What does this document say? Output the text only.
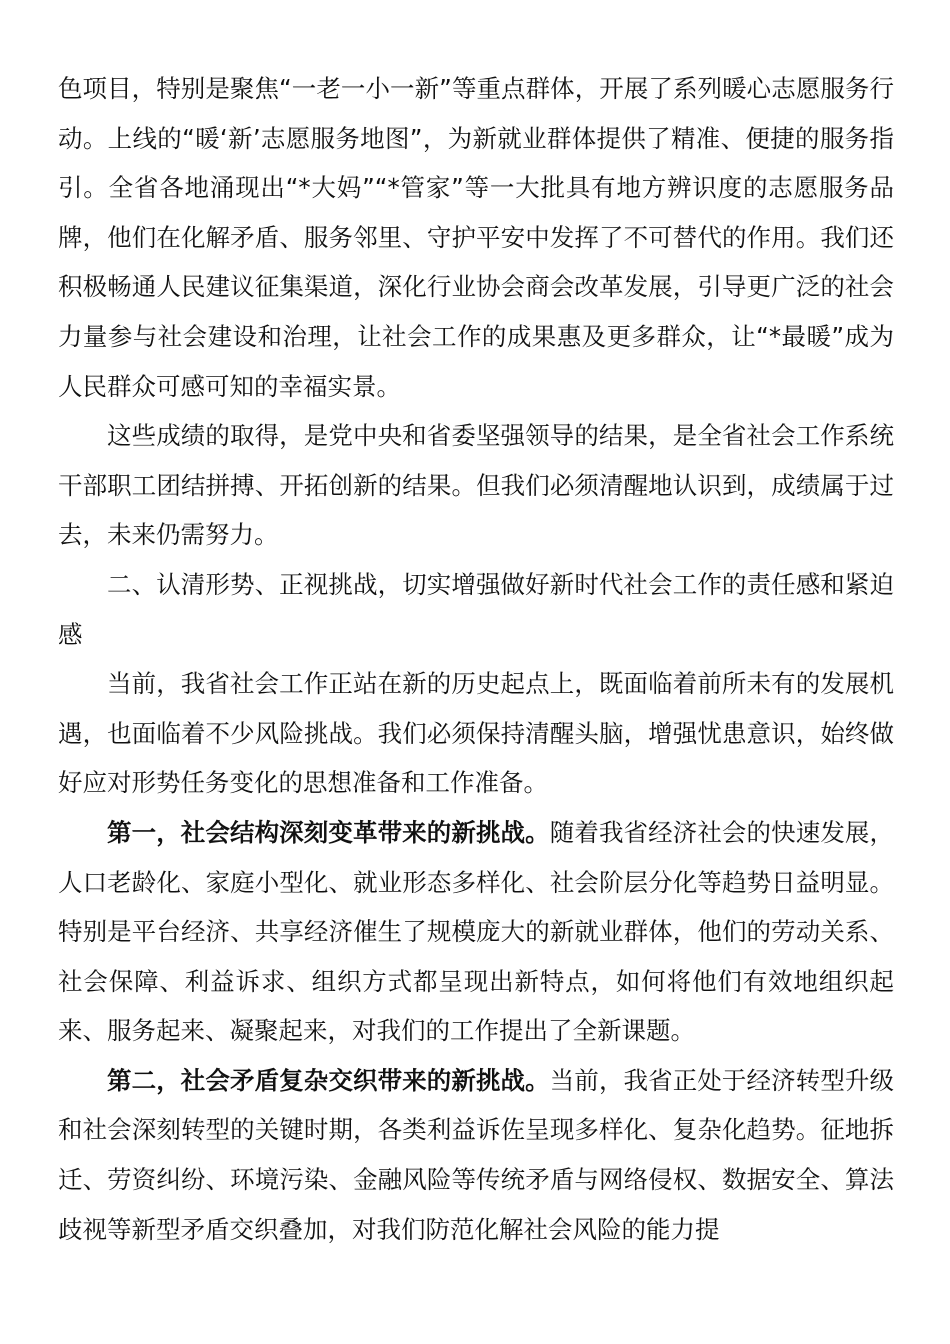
色项目，特别是聚焦“一老一小一新”等重点群体，开展了系列暖心志愿服务行动。上线的“暖‘新’志愿服务地图”，为新就业群体提供了精准、便捷的服务指引。全省各地涌现出“*大妈”“*管家”等一大批具有地方辨识度的志愿服务品牌，他们在化解矛盾、服务邻里、守护平安中发挥了不可替代的作用。我们还积极畅通人民建议征集渠道，深化行业协会商会改革发展，引导更广泛的社会力量参与社会建设和治理，让社会工作的成果惠及更多群众，让“*最暖”成为人民群众可感可知的幸福实景。

这些成绩的取得，是党中央和省委坚强领导的结果，是全省社会工作系统干部职工团结拼搏、开拓创新的结果。但我们必须清醒地认识到，成绩属于过去，未来仍需努力。

二、认清形势、正视挑战，切实增强做好新时代社会工作的责任感和紧迫感

当前，我省社会工作正站在新的历史起点上，既面临着前所未有的发展机遇，也面临着不少风险挑战。我们必须保持清醒头脑，增强忧患意识，始终做好应对形势任务变化的思想准备和工作准备。

第一，社会结构深刻变革带来的新挑战。随着我省经济社会的快速发展，人口老龄化、家庭小型化、就业形态多样化、社会阶层分化等趋势日益明显。特别是平台经济、共享经济催生了规模庞大的新就业群体，他们的劳动关系、社会保障、利益诉求、组织方式都呈现出新特点，如何将他们有效地组织起来、服务起来、凝聚起来，对我们的工作提出了全新课题。

第二，社会矛盾复杂交织带来的新挑战。当前，我省正处于经济转型升级和社会深刻转型的关键时期，各类利益诉佐呈现多样化、复杂化趋势。征地拆迁、劳资纠纷、环境污染、金融风险等传统矛盾与网络侵权、数据安全、算法歧视等新型矛盾交织叠加，对我们防范化解社会风险的能力提
